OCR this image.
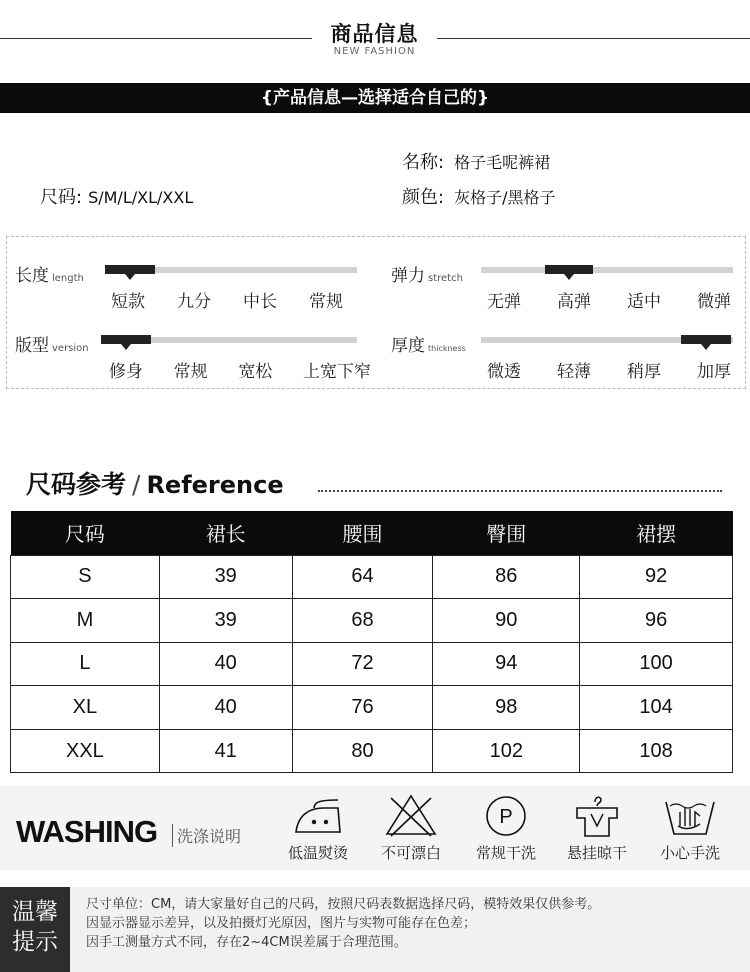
商品信息
NEW FASHION
{产品信息—选择适合自己的}
名称: 格子毛呢裤裙
尺码: S/M/L/XL/XXL	颜色: 灰格子/黑格子
长度 length
短款 九分 中长 常规
弹力 stretch
无弹 高弹 适中 微弹
版型 version
修身 常规 宽松 上宽下窄
厚度 thickness
微透 轻薄 稍厚 加厚
尺码参考 / Reference
尺码	裙长	腰围	臀围	裙摆
S	39	64	86	92
M	39	68	90	96
L	40	72	94	100
XL	40	76	98	104
XXL	41	80	102	108
WASHING	洗涤说明
低温熨烫	不可漂白
P
常规干洗	悬挂晾干	小心手洗
温馨
提示
尺寸单位：CM，请大家量好自己的尺码，按照尺码表数据选择尺码，模特效果仅供参考。
因显示器显示差异，以及拍摄灯光原因，图片与实物可能存在色差；
因手工测量方式不同，存在2~4CM误差属于合理范围。
